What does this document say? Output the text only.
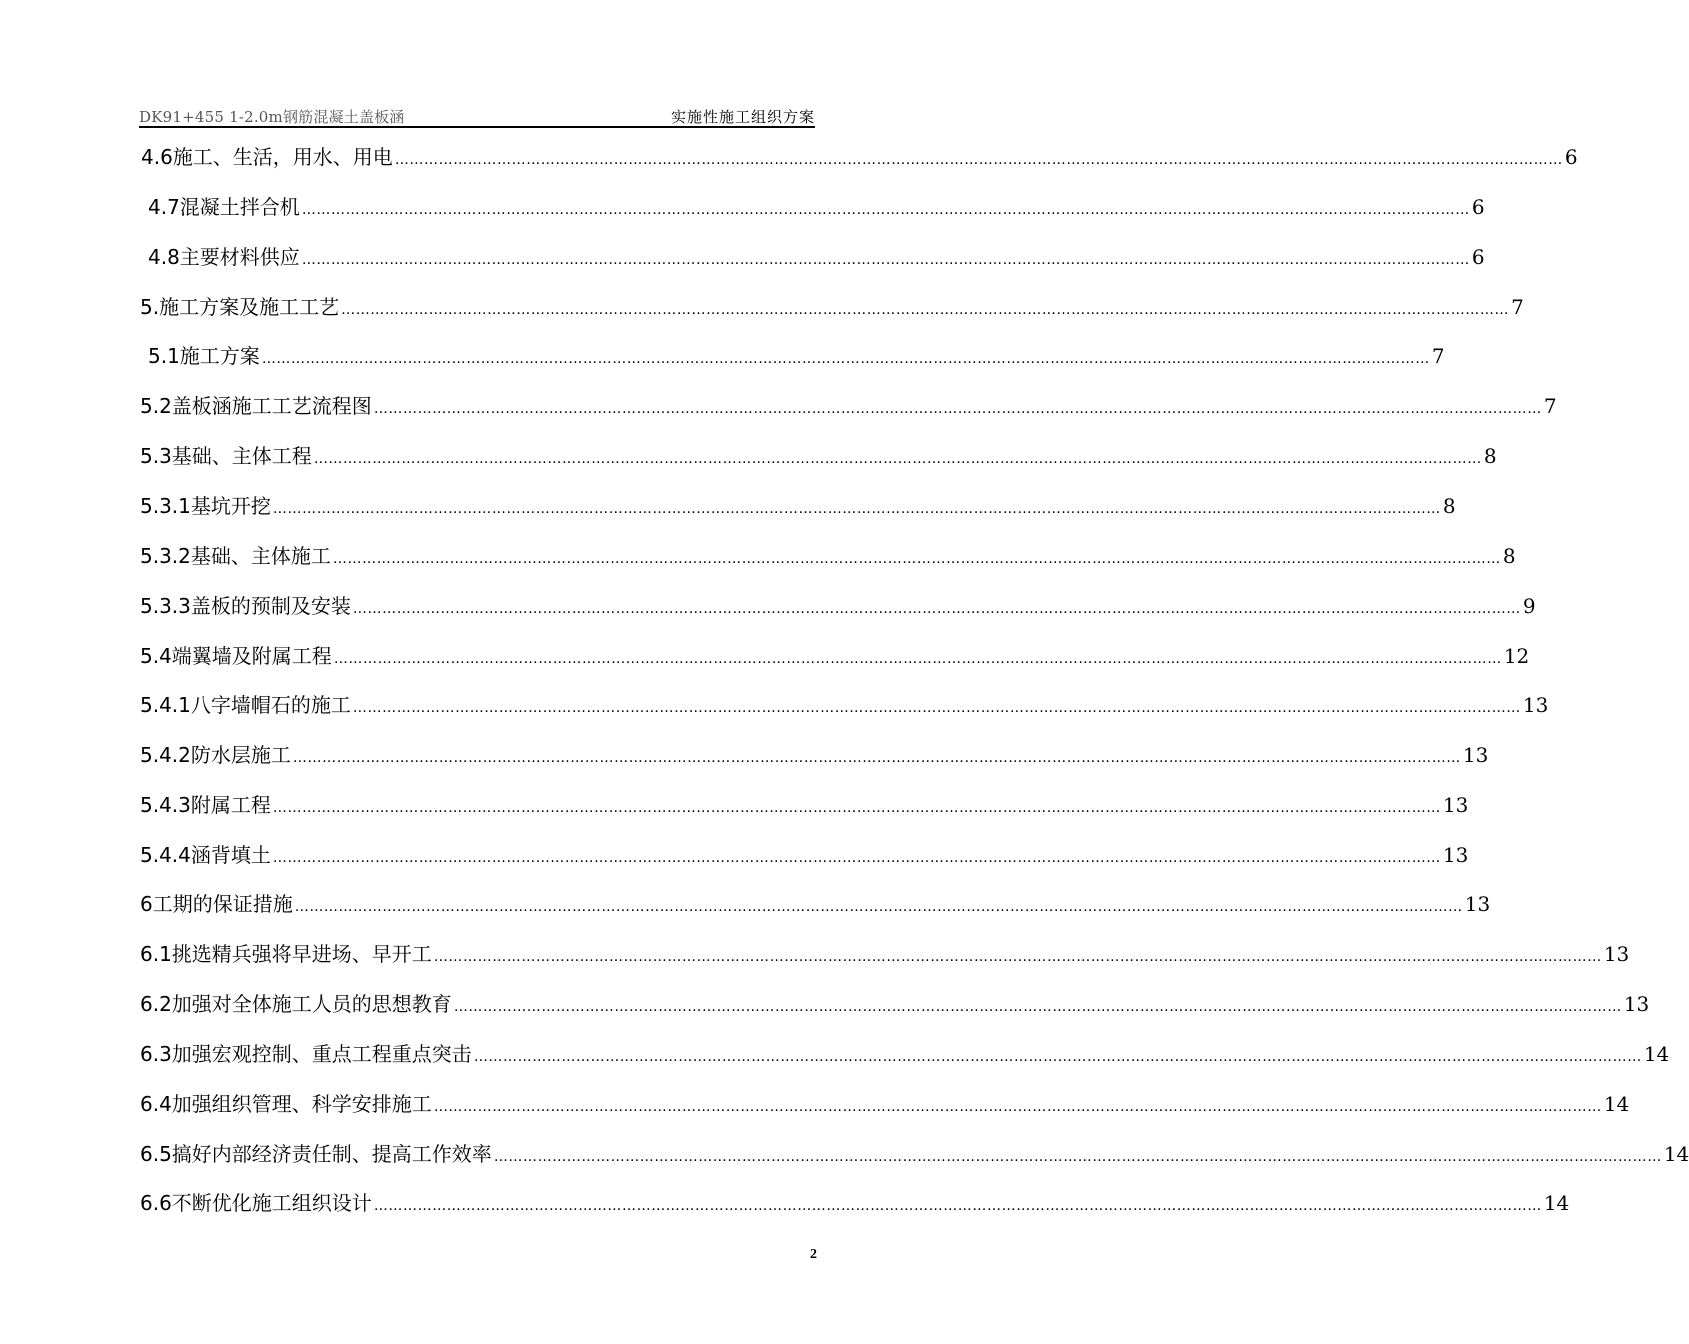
DK91+455 1-2.0m钢筋混凝土盖板涵	实施性施工组织方案
4.6施工、生活，用水、用电 …………………………………………………………………………………………………………………………………………………………………………………………………………………… 6
4.7混凝土拌合机 …………………………………………………………………………………………………………………………………………………………………………………………………………………… 6
4.8主要材料供应 …………………………………………………………………………………………………………………………………………………………………………………………………………………… 6
5.施工方案及施工工艺 …………………………………………………………………………………………………………………………………………………………………………………………………………………… 7
5.1施工方案 …………………………………………………………………………………………………………………………………………………………………………………………………………………… 7
5.2盖板涵施工工艺流程图 …………………………………………………………………………………………………………………………………………………………………………………………………………………… 7
5.3基础、主体工程 …………………………………………………………………………………………………………………………………………………………………………………………………………………… 8
5.3.1基坑开挖 …………………………………………………………………………………………………………………………………………………………………………………………………………………… 8
5.3.2基础、主体施工 …………………………………………………………………………………………………………………………………………………………………………………………………………………… 8
5.3.3盖板的预制及安装 …………………………………………………………………………………………………………………………………………………………………………………………………………………… 9
5.4端翼墙及附属工程 …………………………………………………………………………………………………………………………………………………………………………………………………………………… 12
5.4.1八字墙帽石的施工 …………………………………………………………………………………………………………………………………………………………………………………………………………………… 13
5.4.2防水层施工 …………………………………………………………………………………………………………………………………………………………………………………………………………………… 13
5.4.3附属工程 …………………………………………………………………………………………………………………………………………………………………………………………………………………… 13
5.4.4涵背填土 …………………………………………………………………………………………………………………………………………………………………………………………………………………… 13
6工期的保证措施 …………………………………………………………………………………………………………………………………………………………………………………………………………………… 13
6.1挑选精兵强将早进场、早开工 …………………………………………………………………………………………………………………………………………………………………………………………………………………… 13
6.2加强对全体施工人员的思想教育 …………………………………………………………………………………………………………………………………………………………………………………………………………………… 13
6.3加强宏观控制、重点工程重点突击 …………………………………………………………………………………………………………………………………………………………………………………………………………………… 14
6.4加强组织管理、科学安排施工 …………………………………………………………………………………………………………………………………………………………………………………………………………………… 14
6.5搞好内部经济责任制、提高工作效率 …………………………………………………………………………………………………………………………………………………………………………………………………………………… 14
6.6不断优化施工组织设计 …………………………………………………………………………………………………………………………………………………………………………………………………………………… 14
2
